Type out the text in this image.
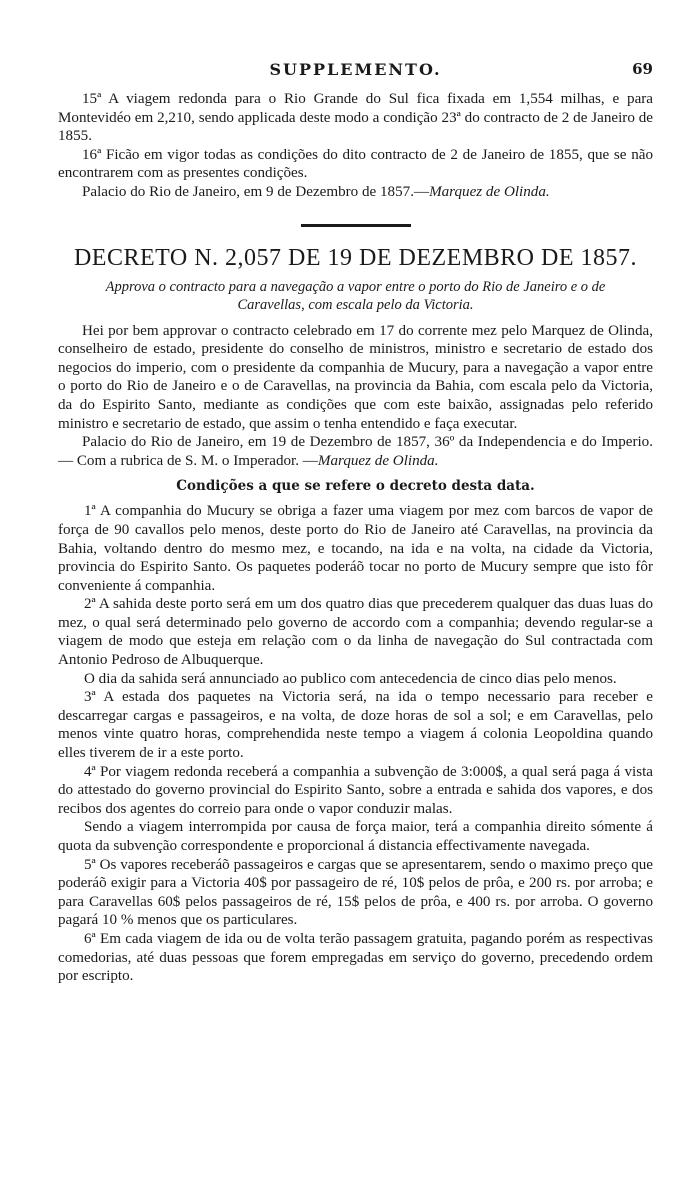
SUPPLEMENTO.	69

15ª A viagem redonda para o Rio Grande do Sul fica fixada em 1,554 milhas, e para Montevidéo em 2,210, sendo applicada deste modo a condição 23ª do contracto de 2 de Janeiro de 1855.

16ª Ficão em vigor todas as condições do dito contracto de 2 de Janeiro de 1855, que se não encontrarem com as presentes condições.

Palacio do Rio de Janeiro, em 9 de Dezembro de 1857.—Marquez de Olinda.

DECRETO N. 2,057 DE 19 DE DEZEMBRO DE 1857.

Approva o contracto para a navegação a vapor entre o porto do Rio de Janeiro e o de Caravellas, com escala pelo da Victoria.

Hei por bem approvar o contracto celebrado em 17 do corrente mez pelo Marquez de Olinda, conselheiro de estado, presidente do conselho de ministros, ministro e secretario de estado dos negocios do imperio, com o presidente da companhia de Mucury, para a navegação a vapor entre o porto do Rio de Janeiro e o de Caravellas, na provincia da Bahia, com escala pelo da Victoria, da do Espirito Santo, mediante as condições que com este baixão, assignadas pelo referido ministro e secretario de estado, que assim o tenha entendido e faça executar.

Palacio do Rio de Janeiro, em 19 de Dezembro de 1857, 36º da Independencia e do Imperio.— Com a rubrica de S. M. o Imperador. —Marquez de Olinda.

Condições a que se refere o decreto desta data.

1ª A companhia do Mucury se obriga a fazer uma viagem por mez com barcos de vapor de força de 90 cavallos pelo menos, deste porto do Rio de Janeiro até Caravellas, na provincia da Bahia, voltando dentro do mesmo mez, e tocando, na ida e na volta, na cidade da Victoria, provincia do Espirito Santo. Os paquetes poderáõ tocar no porto de Mucury sempre que isto fôr conveniente á companhia.

2ª A sahida deste porto será em um dos quatro dias que precederem qualquer das duas luas do mez, o qual será determinado pelo governo de accordo com a companhia; devendo regular-se a viagem de modo que esteja em relação com o da linha de navegação do Sul contractada com Antonio Pedroso de Albuquerque.

O dia da sahida será annunciado ao publico com antecedencia de cinco dias pelo menos.

3ª A estada dos paquetes na Victoria será, na ida o tempo necessario para receber e descarregar cargas e passageiros, e na volta, de doze horas de sol a sol; e em Caravellas, pelo menos vinte quatro horas, comprehendida neste tempo a viagem á colonia Leopoldina quando elles tiverem de ir a este porto.

4ª Por viagem redonda receberá a companhia a subvenção de 3:000$, a qual será paga á vista do attestado do governo provincial do Espirito Santo, sobre a entrada e sahida dos vapores, e dos recibos dos agentes do correio para onde o vapor conduzir malas.

Sendo a viagem interrompida por causa de força maior, terá a companhia direito sómente á quota da subvenção correspondente e proporcional á distancia effectivamente navegada.

5ª Os vapores receberáõ passageiros e cargas que se apresentarem, sendo o maximo preço que poderáõ exigir para a Victoria 40$ por passageiro de ré, 10$ pelos de prôa, e 200 rs. por arroba; e para Caravellas 60$ pelos passageiros de ré, 15$ pelos de prôa, e 400 rs. por arroba. O governo pagará 10 % menos que os particulares.

6ª Em cada viagem de ida ou de volta terão passagem gratuita, pagando porém as respectivas comedorias, até duas pessoas que forem empregadas em serviço do governo, precedendo ordem por escripto.
